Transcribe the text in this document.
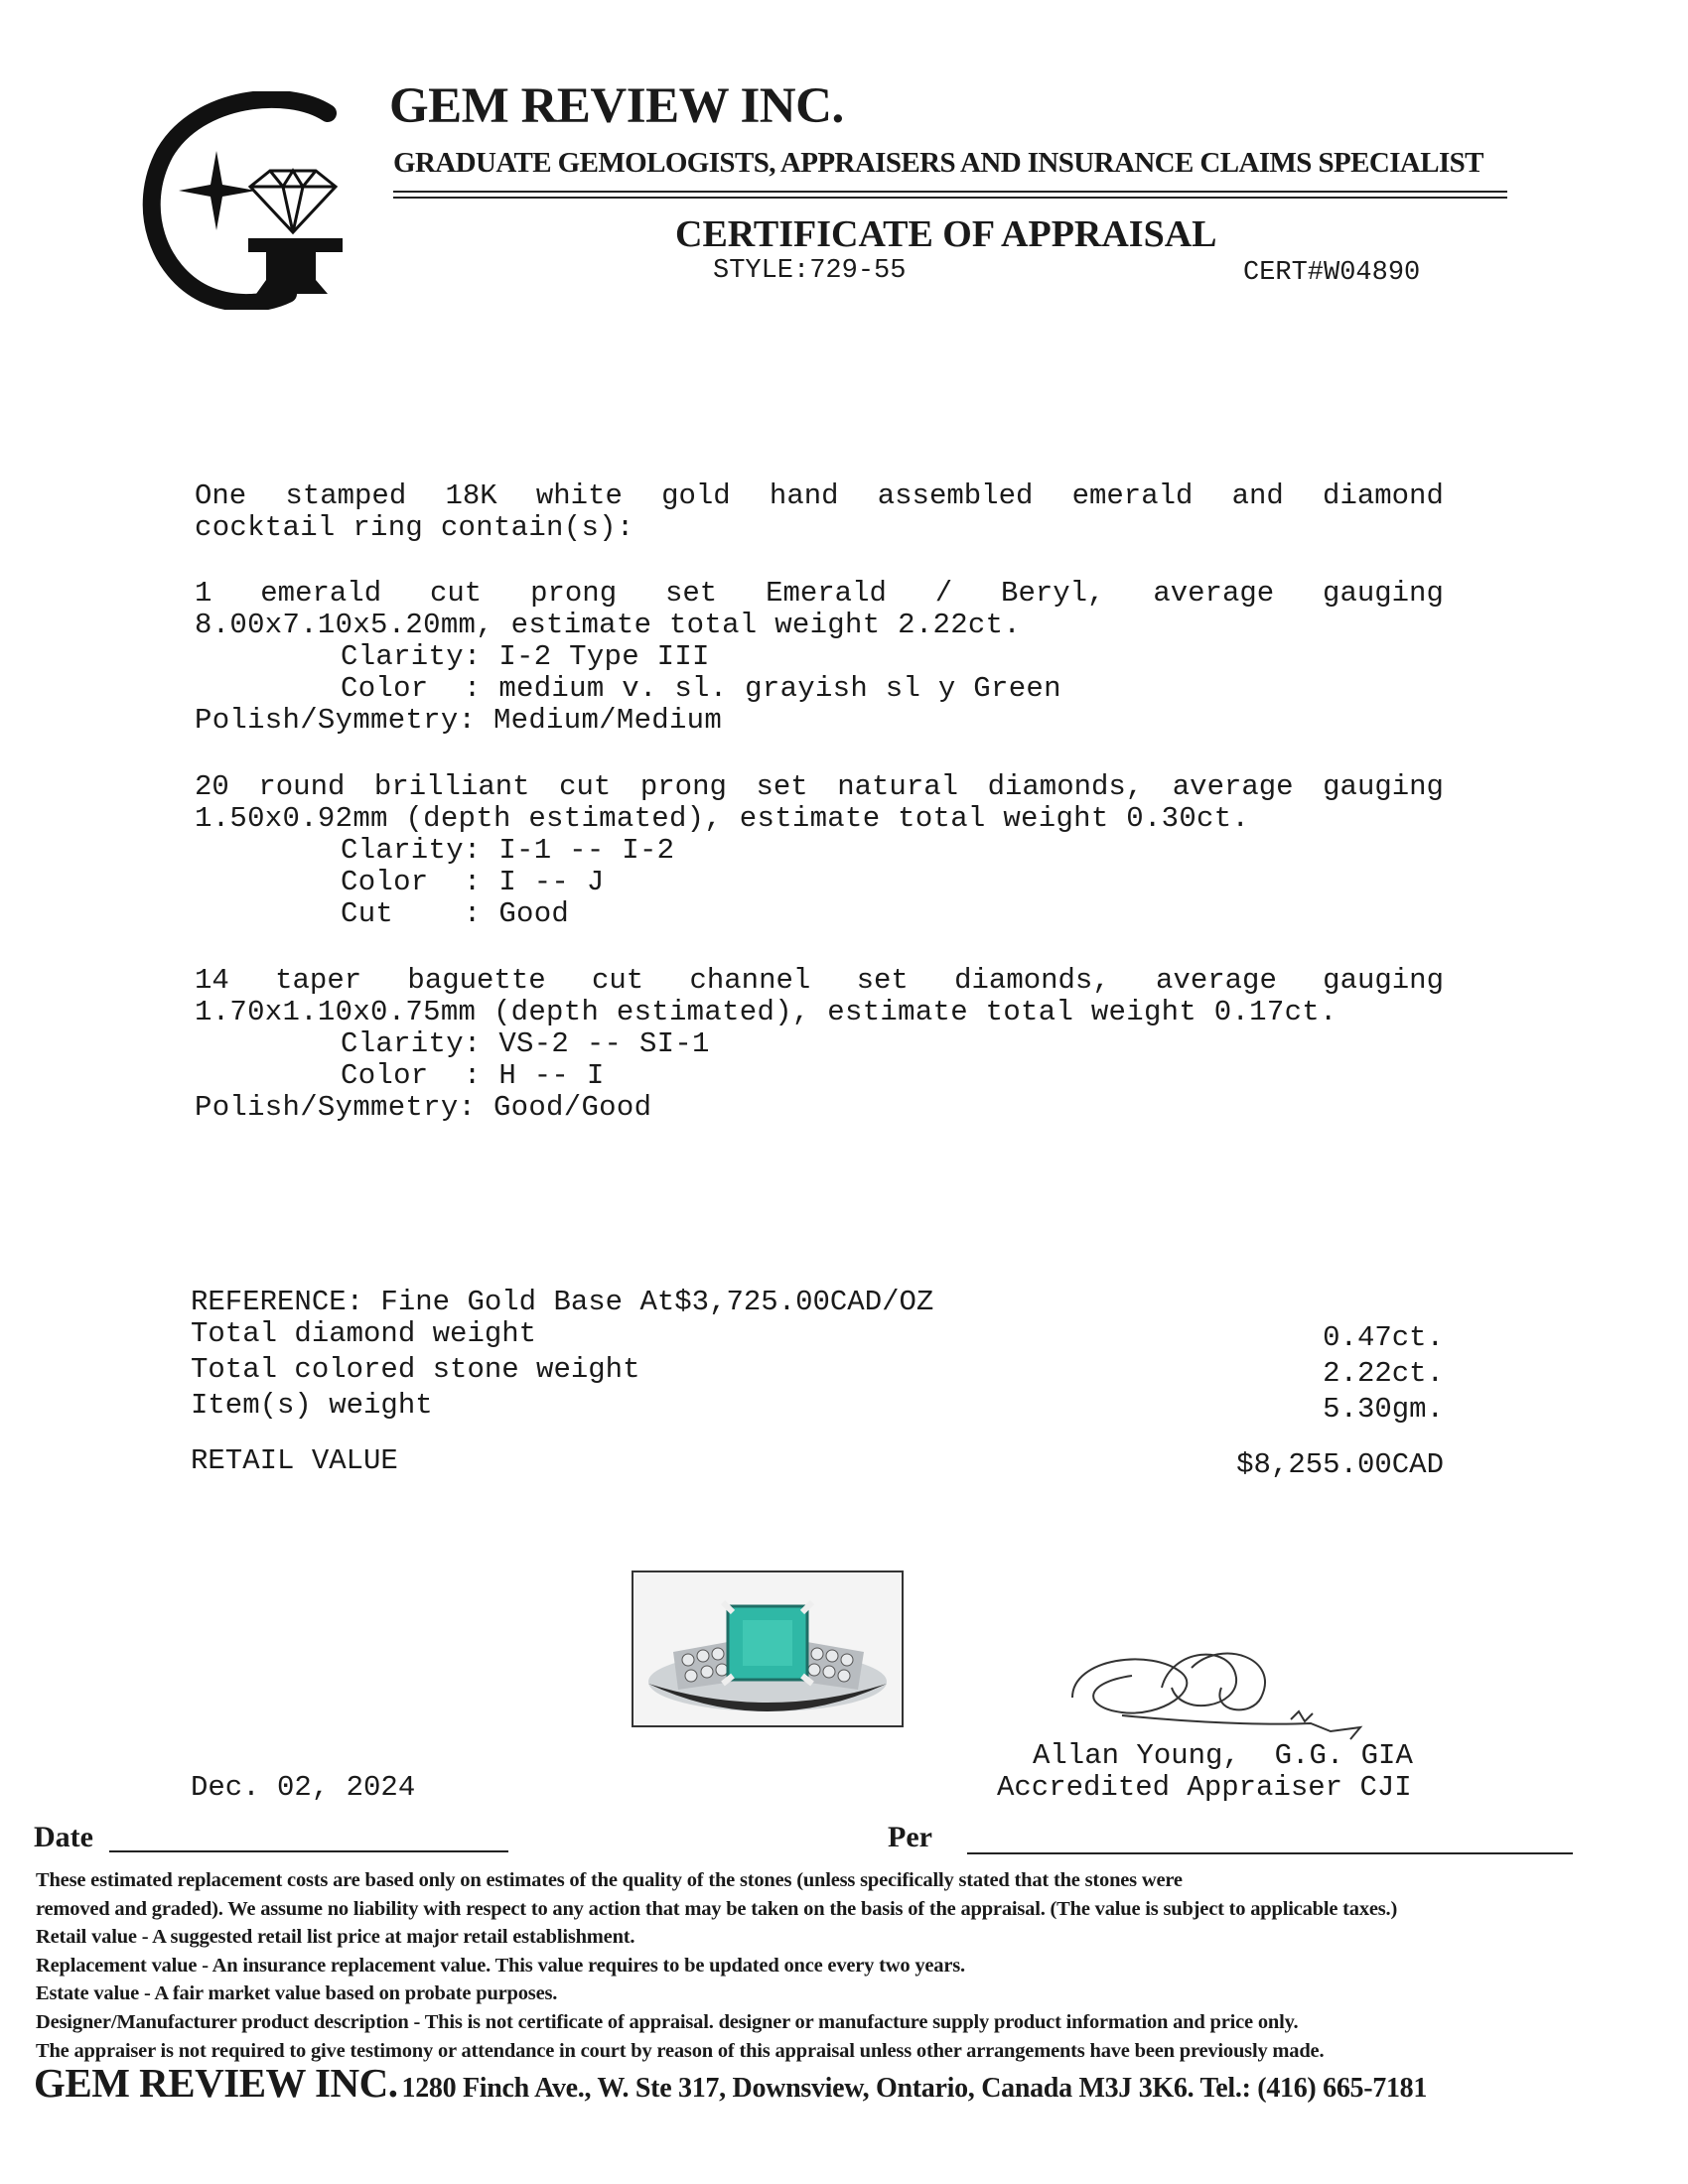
GEM REVIEW INC.
GRADUATE GEMOLOGISTS, APPRAISERS AND INSURANCE CLAIMS SPECIALIST
CERTIFICATE OF APPRAISAL
STYLE:729-55	CERT#W04890
One stamped 18K white gold hand assembled emerald and diamond
cocktail ring contain(s):
1 emerald cut prong set Emerald / Beryl, average gauging
8.00x7.10x5.20mm, estimate total weight 2.22ct.
Clarity: I-2 Type III
Color  : medium v. sl. grayish sl y Green
Polish/Symmetry: Medium/Medium
20 round brilliant cut prong set natural diamonds, average gauging
1.50x0.92mm (depth estimated), estimate total weight 0.30ct.
Clarity: I-1 -- I-2
Color  : I -- J
Cut    : Good
14 taper baguette cut channel set diamonds, average gauging
1.70x1.10x0.75mm (depth estimated), estimate total weight 0.17ct.
Clarity: VS-2 -- SI-1
Color  : H -- I
Polish/Symmetry: Good/Good
REFERENCE: Fine Gold Base At$3,725.00CAD/OZ
Total diamond weight	0.47ct.
Total colored stone weight	2.22ct.
Item(s) weight	5.30gm.
RETAIL VALUE	$8,255.00CAD
Allan Young,  G.G. GIA
Accredited Appraiser CJI
Dec. 02, 2024
Date	Per
These estimated replacement costs are based only on estimates of the quality of the stones (unless specifically stated that the stones were
removed and graded). We assume no liability with respect to any action that may be taken on the basis of the appraisal. (The value is subject to applicable taxes.)
Retail value - A suggested retail list price at major retail establishment.
Replacement value - An insurance replacement value. This value requires to be updated once every two years.
Estate value - A fair market value based on probate purposes.
Designer/Manufacturer product description - This is not certificate of appraisal. designer or manufacture supply product information and price only.
The appraiser is not required to give testimony or attendance in court by reason of this appraisal unless other arrangements have been previously made.
GEM REVIEW INC. 1280 Finch Ave., W. Ste 317, Downsview, Ontario, Canada M3J 3K6. Tel.: (416) 665-7181
